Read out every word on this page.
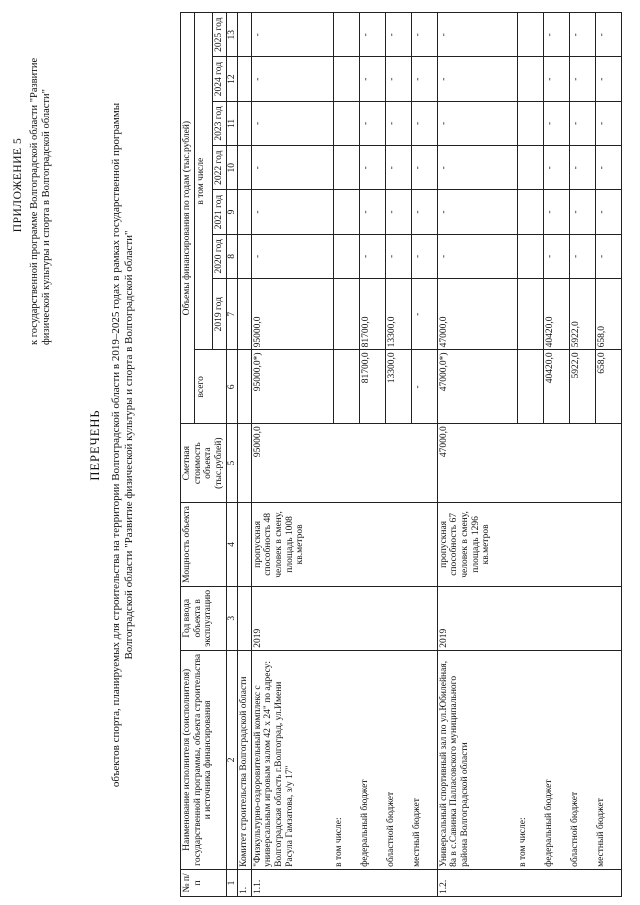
ПРИЛОЖЕНИЕ 5 к государственной программе Волгоградской области "Развитие физической культуры и спорта в Волгоградской области"
ПЕРЕЧЕНЬ объектов спорта, планируемых для строительства на территории Волгоградской области в 2019–2025 годах в рамках государственной программы Волгоградской области "Развитие физической культуры и спорта в Волгоградской области"
№ п/п	Наименование исполнителя (соисполнителя) государственной программы, объекта строительства и источника финансирования	Год ввода объекта в эксплуатацию	Мощность объекта	Сметная стоимость объекта (тыс.рублей)	Объемы финансирования по годам (тыс.рублей)							
					всего	в том числе						
						2019 год	2020 год	2021 год	2022 год	2023 год	2024 год	2025 год
1	2	3	4	5	6	7	8	9	10	11	12	13
1.	Комитет строительства Волгоградской области											
1.1.	"Физкультурно-оздоровительный комплекс с универсальным игровым залом 42 х 24" по адресу: Волгоградская область г.Волгоград, ул.Имени Расула Гамзатова, з/у 17"	2019	пропускная способность 48 человек в смену, площадь 1008 кв.метров	95000,0	95000,0*)	95000,0	-	-	-	-	-	-
	в том числе:											
	федеральный бюджет				81700,0	81700,0	-	-	-	-	-	-
	областной бюджет				13300,0	13300,0	-	-	-	-	-	-
	местный бюджет				-	-	-	-	-	-	-	-
1.2.	Универсальный спортивный зал по ул.Юбилейная, 8а в с.Савинка Палласовского муниципального района Волгоградской области	2019	пропускная способность 67 человек в смену, площадь 1296 кв.метров	47000,0	47000,0*)	47000,0	-	-	-	-	-	-
	в том числе:											
	федеральный бюджет				40420,0	40420,0	-	-	-	-	-	-
	областной бюджет				5922,0	5922,0	-	-	-	-	-	-
	местный бюджет				658,0	658,0	-	-	-	-	-	-
